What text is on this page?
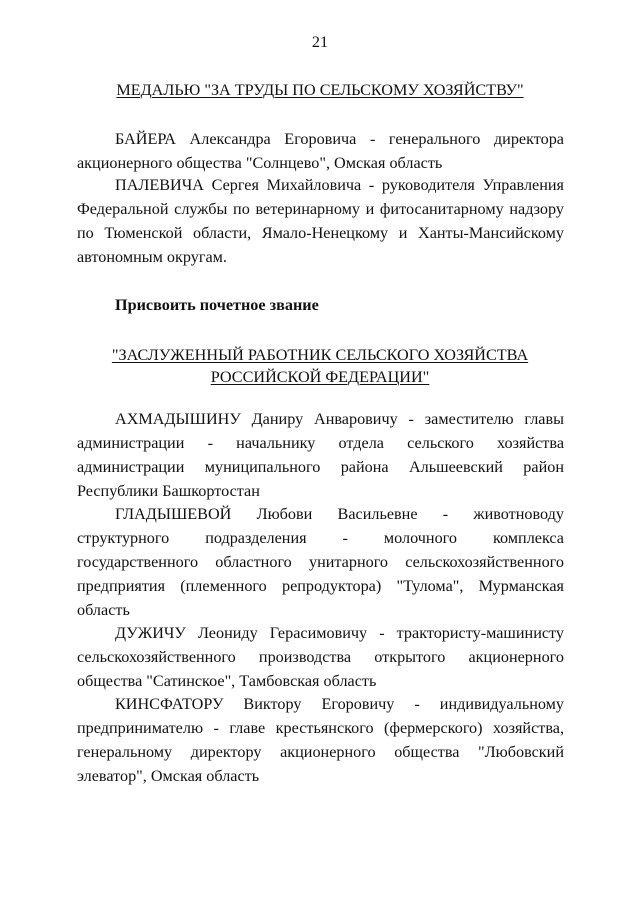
21
МЕДАЛЬЮ "ЗА ТРУДЫ ПО СЕЛЬСКОМУ ХОЗЯЙСТВУ"
БАЙЕРА Александра Егоровича - генерального директора
акционерного общества "Солнцево", Омская область
ПАЛЕВИЧА Сергея Михайловича - руководителя Управления
Федеральной службы по ветеринарному и фитосанитарному надзору
по Тюменской области, Ямало-Ненецкому и Ханты-Мансийскому
автономным округам.
Присвоить почетное звание
"ЗАСЛУЖЕННЫЙ РАБОТНИК СЕЛЬСКОГО ХОЗЯЙСТВА
РОССИЙСКОЙ ФЕДЕРАЦИИ"
АХМАДЫШИНУ Даниру Анваровичу - заместителю главы
администрации - начальнику отдела сельского хозяйства
администрации муниципального района Альшеевский район
Республики Башкортостан
ГЛАДЫШЕВОЙ Любови Васильевне - животноводу
структурного подразделения - молочного комплекса
государственного областного унитарного сельскохозяйственного
предприятия (племенного репродуктора) "Тулома", Мурманская
область
ДУЖИЧУ Леониду Герасимовичу - трактористу-машинисту
сельскохозяйственного производства открытого акционерного
общества "Сатинское", Тамбовская область
КИНСФАТОРУ Виктору Егоровичу - индивидуальному
предпринимателю - главе крестьянского (фермерского) хозяйства,
генеральному директору акционерного общества "Любовский
элеватор", Омская область
